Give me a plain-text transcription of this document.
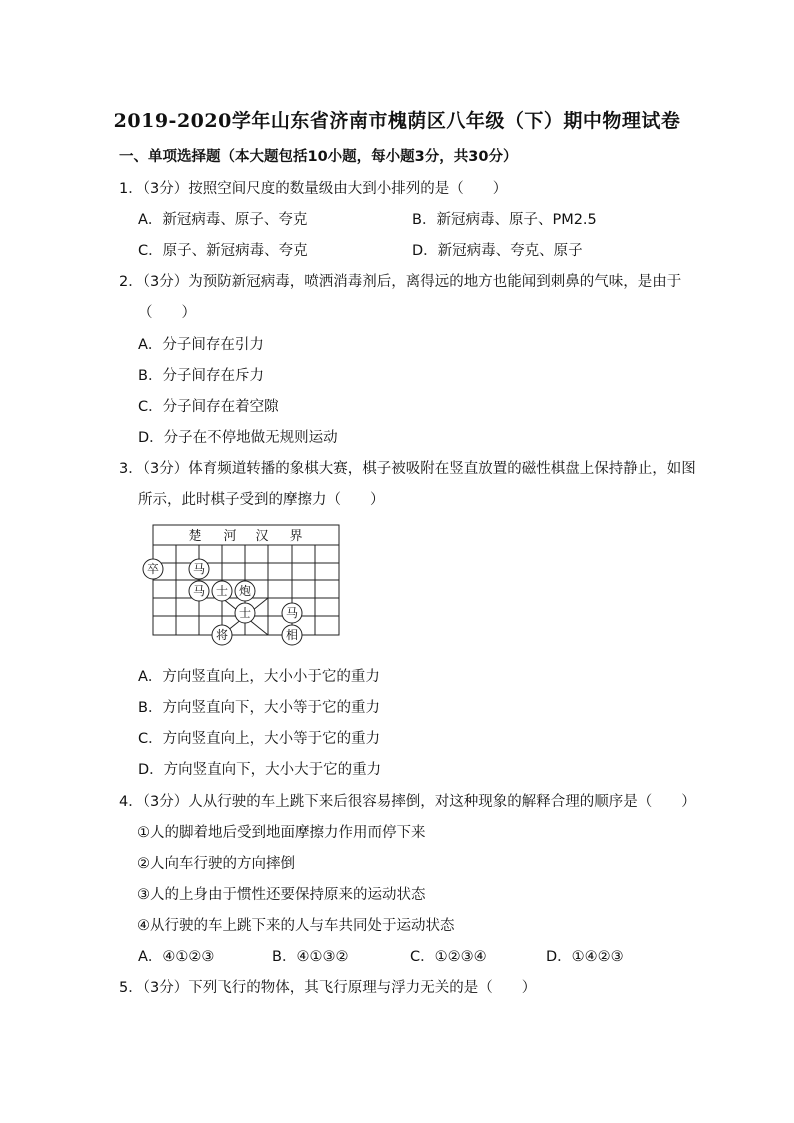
2019-2020学年山东省济南市槐荫区八年级（下）期中物理试卷
一、单项选择题（本大题包括10小题，每小题3分，共30分）
1．（3分）按照空间尺度的数量级由大到小排列的是（　　）
A．新冠病毒、原子、夸克	B．新冠病毒、原子、PM2.5
C．原子、新冠病毒、夸克	D．新冠病毒、夸克、原子
2．（3分）为预防新冠病毒，喷洒消毒剂后，离得远的地方也能闻到刺鼻的气味，是由于
（　　）
A．分子间存在引力
B．分子间存在斥力
C．分子间存在着空隙
D．分子在不停地做无规则运动
3．（3分）体育频道转播的象棋大赛，棋子被吸附在竖直放置的磁性棋盘上保持静止，如图
所示，此时棋子受到的摩擦力（　　）
楚 河 汉 界
卒	马
马 士 炮
士	马
将	相
A．方向竖直向上，大小小于它的重力
B．方向竖直向下，大小等于它的重力
C．方向竖直向上，大小等于它的重力
D．方向竖直向下，大小大于它的重力
4．（3分）人从行驶的车上跳下来后很容易摔倒，对这种现象的解释合理的顺序是（　　）
①人的脚着地后受到地面摩擦力作用而停下来
②人向车行驶的方向摔倒
③人的上身由于惯性还要保持原来的运动状态
④从行驶的车上跳下来的人与车共同处于运动状态
A．④①②③	B．④①③②	C．①②③④	D．①④②③
5．（3分）下列飞行的物体，其飞行原理与浮力无关的是（　　）
